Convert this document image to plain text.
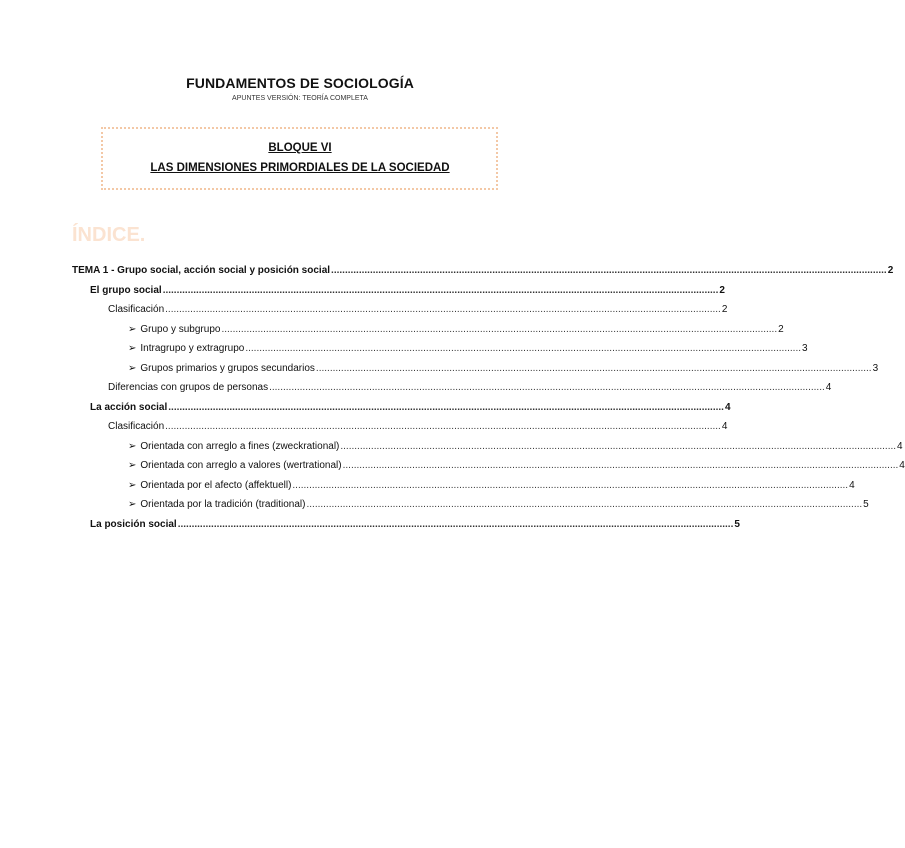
FUNDAMENTOS DE SOCIOLOGÍA
APUNTES VERSIÓN: TEORÍA COMPLETA
BLOQUE VI
LAS DIMENSIONES PRIMORDIALES DE LA SOCIEDAD
ÍNDICE.
TEMA 1 - Grupo social, acción social y posición social ........................................................................................................................................................................................................ 2
El grupo social ........................................................................................................................................................................................................ 2
Clasificación ........................................................................................................................................................................................................ 2
➢ Grupo y subgrupo ........................................................................................................................................................................................................ 2
➢ Intragrupo y extragrupo ........................................................................................................................................................................................................ 3
➢ Grupos primarios y grupos secundarios ........................................................................................................................................................................................................ 3
Diferencias con grupos de personas ........................................................................................................................................................................................................ 4
La acción social ........................................................................................................................................................................................................ 4
Clasificación ........................................................................................................................................................................................................ 4
➢ Orientada con arreglo a fines (zweckrational) ........................................................................................................................................................................................................ 4
➢ Orientada con arreglo a valores (wertrational) ........................................................................................................................................................................................................ 4
➢ Orientada por el afecto (affektuell) ........................................................................................................................................................................................................ 4
➢ Orientada por la tradición (traditional) ........................................................................................................................................................................................................ 5
La posición social ........................................................................................................................................................................................................ 5
